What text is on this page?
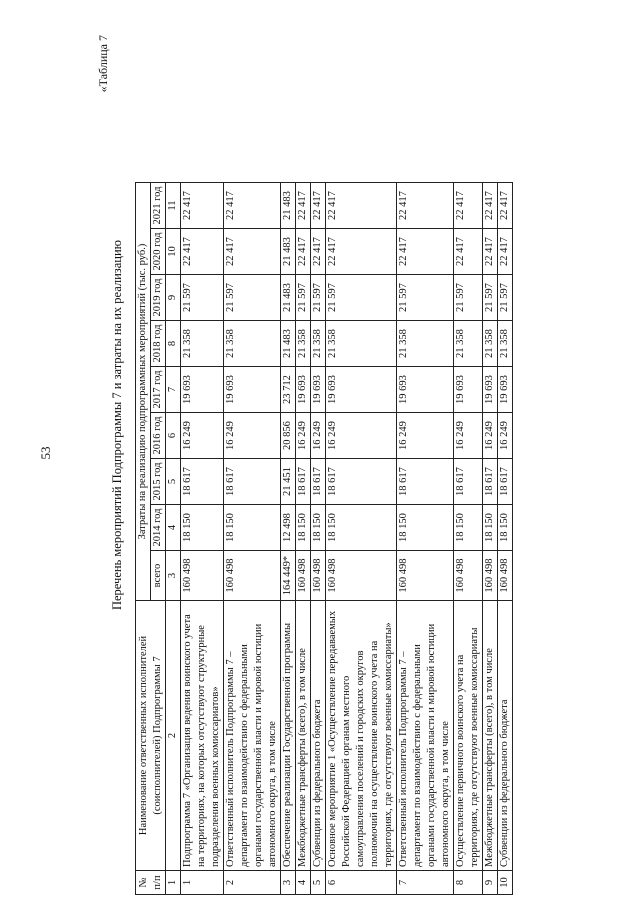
53
«Таблица 7
Перечень мероприятий Подпрограммы 7 и затраты на их реализацию
№ п/п	Наименование ответственных исполнителей (соисполнителей) Подпрограммы 7	Затраты на реализацию подпрограммных мероприятий (тыс. руб.)								
		всего	2014 год	2015 год	2016 год	2017 год	2018 год	2019 год	2020 год	2021 год
1	2	3	4	5	6	7	8	9	10	11
1	Подпрограмма 7 «Организация ведения воинского учета на территориях, на которых отсутствуют структурные подразделения военных комиссариатов»	160 498	18 150	18 617	16 249	19 693	21 358	21 597	22 417	22 417
2	Ответственный исполнитель Подпрограммы 7 – департамент по взаимодействию с федеральными органами государственной власти и мировой юстиции автономного округа, в том числе	160 498	18 150	18 617	16 249	19 693	21 358	21 597	22 417	22 417
3	Обеспечение реализации Государственной программы	164 449*	12 498	21 451	20 856	23 712	21 483	21 483	21 483	21 483
4	Межбюджетные трансферты (всего), в том числе	160 498	18 150	18 617	16 249	19 693	21 358	21 597	22 417	22 417
5	Субвенции из федерального бюджета	160 498	18 150	18 617	16 249	19 693	21 358	21 597	22 417	22 417
6	Основное мероприятие 1 «Осуществление передаваемых Российской Федерацией органам местного самоуправления поселений и городских округов полномочий на осуществление воинского учета на территориях, где отсутствуют военные комиссариаты»	160 498	18 150	18 617	16 249	19 693	21 358	21 597	22 417	22 417
7	Ответственный исполнитель Подпрограммы 7 – департамент по взаимодействию с федеральными органами государственной власти и мировой юстиции автономного округа, в том числе	160 498	18 150	18 617	16 249	19 693	21 358	21 597	22 417	22 417
8	Осуществление первичного воинского учета на территориях, где отсутствуют военные комиссариаты	160 498	18 150	18 617	16 249	19 693	21 358	21 597	22 417	22 417
9	Межбюджетные трансферты (всего), в том числе	160 498	18 150	18 617	16 249	19 693	21 358	21 597	22 417	22 417
10	Субвенции из федерального бюджета	160 498	18 150	18 617	16 249	19 693	21 358	21 597	22 417	22 417
